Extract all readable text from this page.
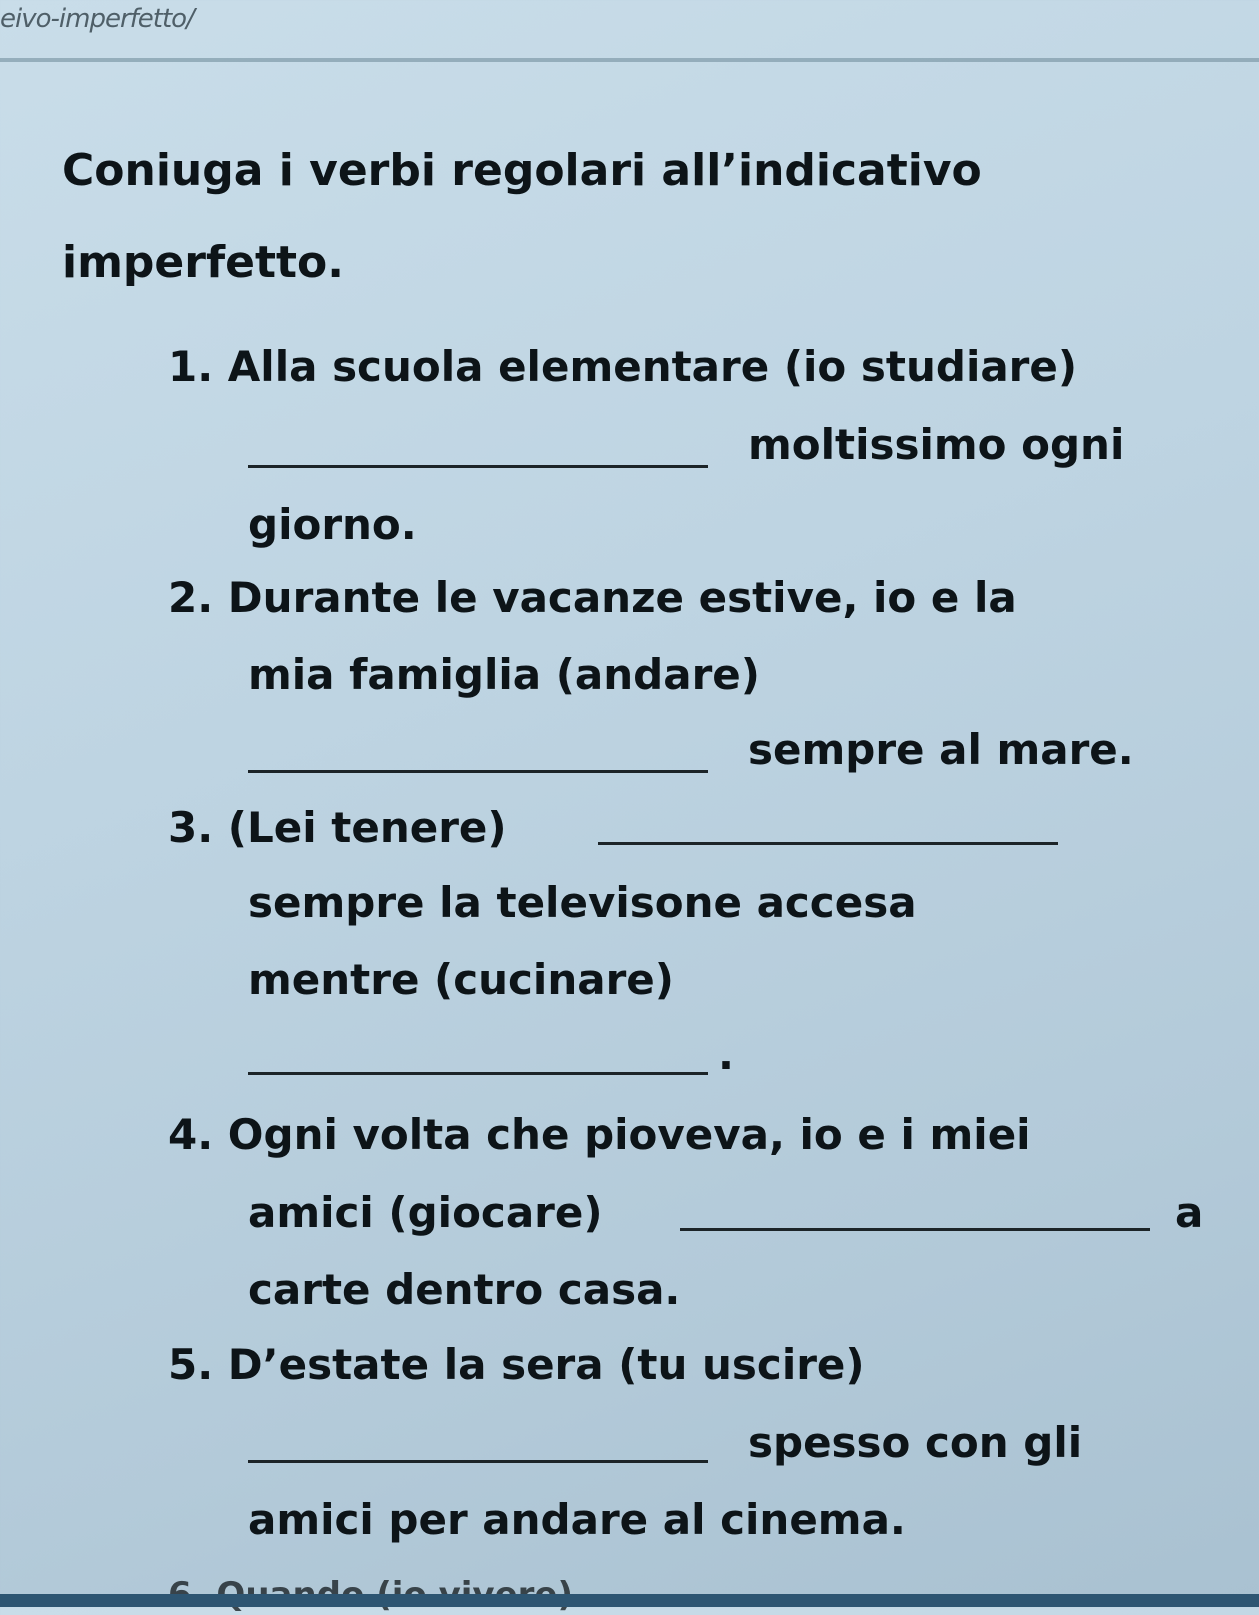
eivo-imperfetto/
Coniuga i verbi regolari all’indicativo imperfetto.
1. Alla scuola elementare (io studiare)
moltissimo ogni
giorno.
2. Durante le vacanze estive, io e la
mia famiglia (andare)
sempre al mare.
3. (Lei tenere)
sempre la televisone accesa
mentre (cucinare)
.
4. Ogni volta che pioveva, io e i miei
amici (giocare)	a
carte dentro casa.
5. D’estate la sera (tu uscire)
spesso con gli
amici per andare al cinema.
